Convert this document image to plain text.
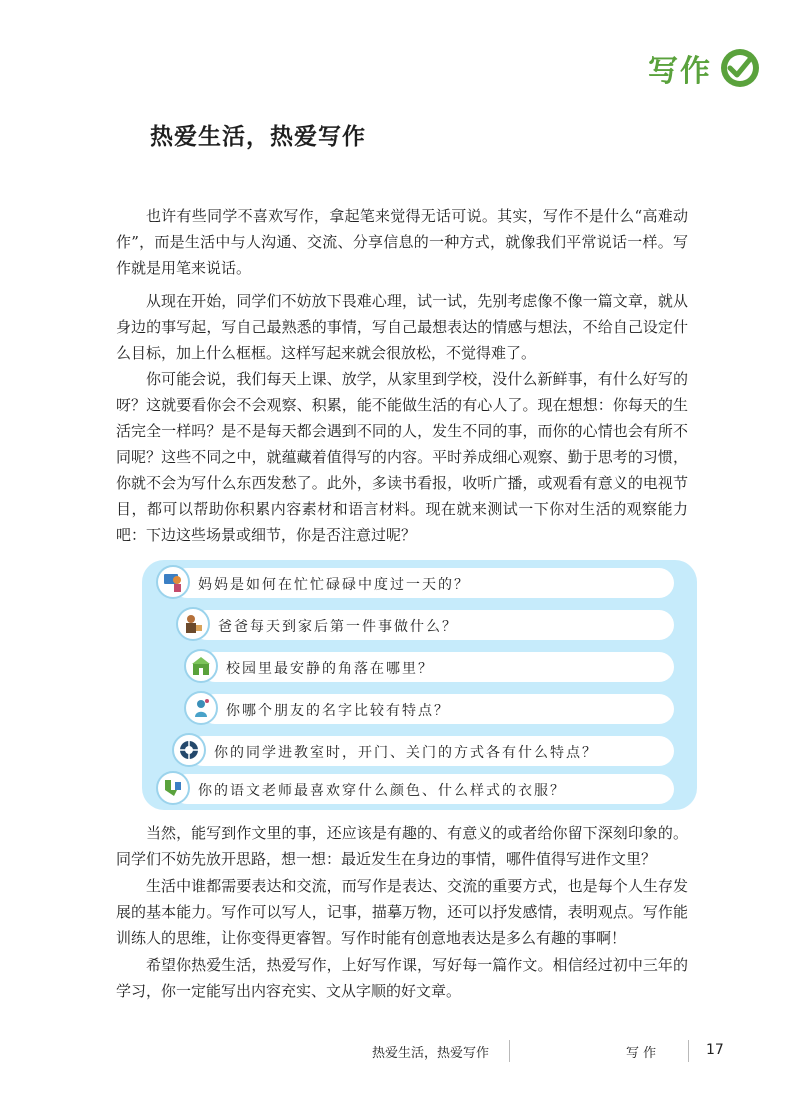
写作
热爱生活，热爱写作

也许有些同学不喜欢写作，拿起笔来觉得无话可说。其实，写作不是什么“高难动作”，而是生活中与人沟通、交流、分享信息的一种方式，就像我们平常说话一样。写作就是用笔来说话。

从现在开始，同学们不妨放下畏难心理，试一试，先别考虑像不像一篇文章，就从身边的事写起，写自己最熟悉的事情，写自己最想表达的情感与想法，不给自己设定什么目标，加上什么框框。这样写起来就会很放松，不觉得难了。

你可能会说，我们每天上课、放学，从家里到学校，没什么新鲜事，有什么好写的呀？这就要看你会不会观察、积累，能不能做生活的有心人了。现在想想：你每天的生活完全一样吗？是不是每天都会遇到不同的人，发生不同的事，而你的心情也会有所不同呢？这些不同之中，就蕴藏着值得写的内容。平时养成细心观察、勤于思考的习惯，你就不会为写什么东西发愁了。此外，多读书看报，收听广播，或观看有意义的电视节目，都可以帮助你积累内容素材和语言材料。现在就来测试一下你对生活的观察能力吧：下边这些场景或细节，你是否注意过呢？

妈妈是如何在忙忙碌碌中度过一天的？
爸爸每天到家后第一件事做什么？
校园里最安静的角落在哪里？
你哪个朋友的名字比较有特点？
你的同学进教室时，开门、关门的方式各有什么特点？
你的语文老师最喜欢穿什么颜色、什么样式的衣服？

当然，能写到作文里的事，还应该是有趣的、有意义的或者给你留下深刻印象的。同学们不妨先放开思路，想一想：最近发生在身边的事情，哪件值得写进作文里？

生活中谁都需要表达和交流，而写作是表达、交流的重要方式，也是每个人生存发展的基本能力。写作可以写人，记事，描摹万物，还可以抒发感情，表明观点。写作能训练人的思维，让你变得更睿智。写作时能有创意地表达是多么有趣的事啊！

希望你热爱生活，热爱写作，上好写作课，写好每一篇作文。相信经过初中三年的学习，你一定能写出内容充实、文从字顺的好文章。

热爱生活，热爱写作	写 作	17
